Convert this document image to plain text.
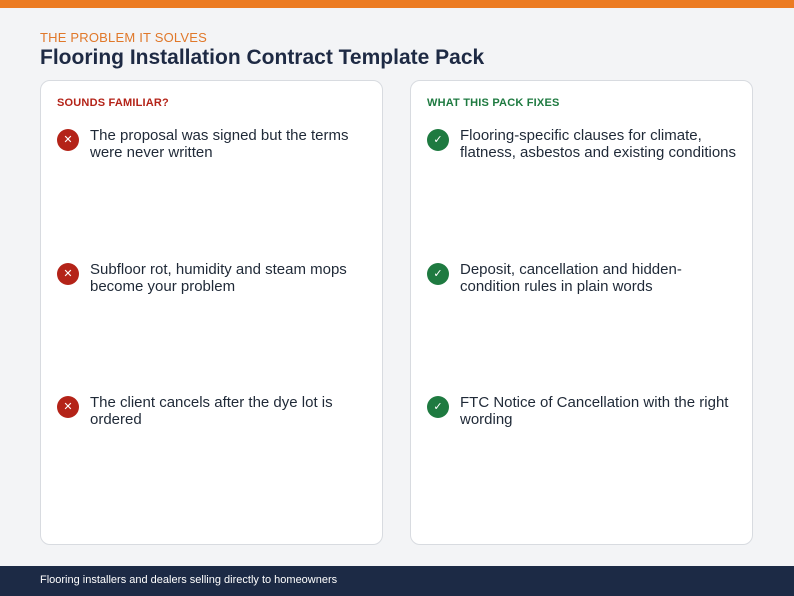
THE PROBLEM IT SOLVES
Flooring Installation Contract Template Pack
SOUNDS FAMILIAR?
✕	The proposal was signed but the terms were never written
✕	Subfloor rot, humidity and steam mops become your problem
✕	The client cancels after the dye lot is ordered
WHAT THIS PACK FIXES
✓	Flooring-specific clauses for climate, flatness, asbestos and existing conditions
✓	Deposit, cancellation and hidden-condition rules in plain words
✓	FTC Notice of Cancellation with the right wording
Flooring installers and dealers selling directly to homeowners
